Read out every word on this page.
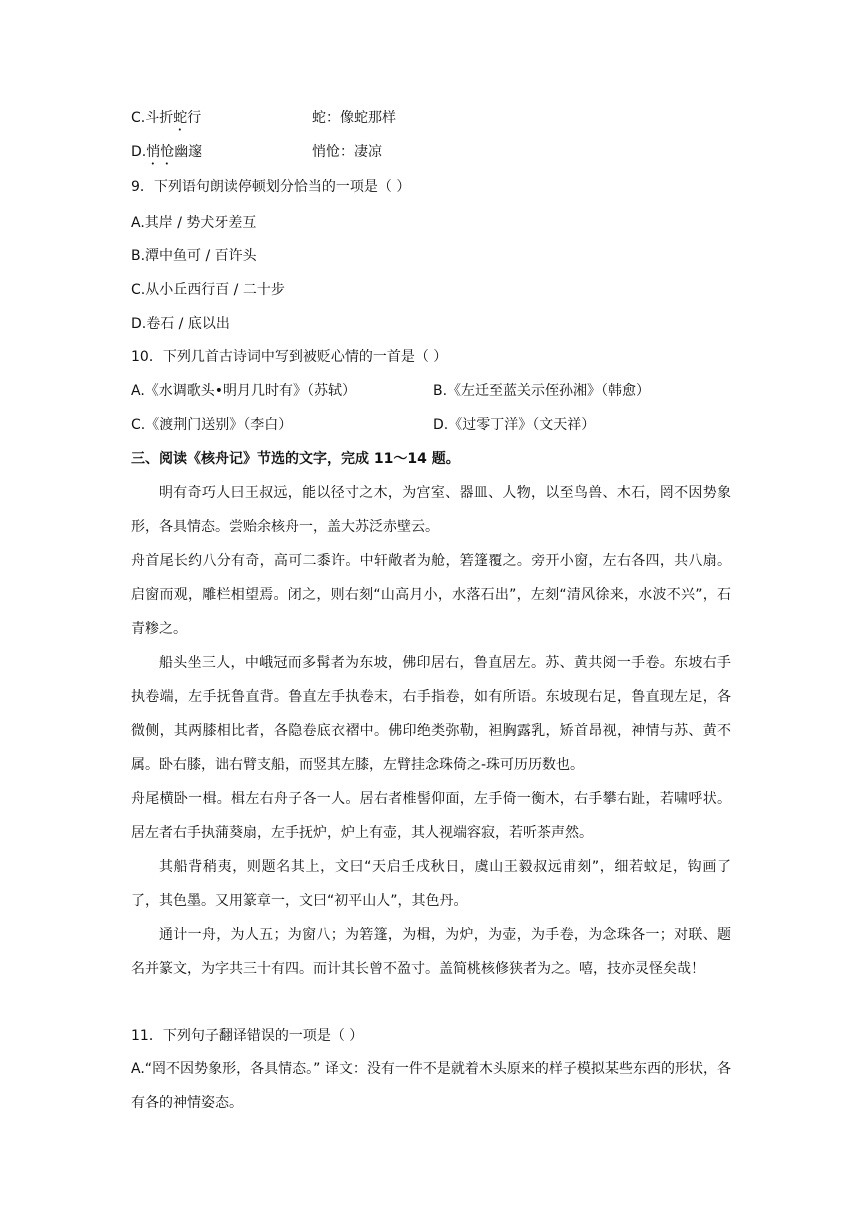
C.斗折蛇行	蛇：像蛇那样
D.悄怆幽邃	悄怆：凄凉
9．下列语句朗读停顿划分恰当的一项是（ ）
A.其岸 / 势犬牙差互
B.潭中鱼可 / 百许头
C.从小丘西行百 / 二十步
D.卷石 / 底以出
10．下列几首古诗词中写到被贬心情的一首是（ ）
A.《水调歌头•明月几时有》（苏轼）	B.《左迁至蓝关示侄孙湘》（韩愈）
C.《渡荆门送别》（李白）	D.《过零丁洋》（文天祥）
三、阅读《核舟记》节选的文字，完成 11～14 题。
明有奇巧人曰王叔远，能以径寸之木，为宫室、器皿、人物，以至鸟兽、木石，罔不因势象形，各具情态。尝贻余核舟一，盖大苏泛赤壁云。
舟首尾长约八分有奇，高可二黍许。中轩敞者为舱，箬篷覆之。旁开小窗，左右各四，共八扇。启窗而观，雕栏相望焉。闭之，则右刻“山高月小，水落石出”，左刻“清风徐来，水波不兴”，石青糁之。
船头坐三人，中峨冠而多髯者为东坡，佛印居右，鲁直居左。苏、黄共阅一手卷。东坡右手执卷端，左手抚鲁直背。鲁直左手执卷末，右手指卷，如有所语。东坡现右足，鲁直现左足，各微侧，其两膝相比者，各隐卷底衣褶中。佛印绝类弥勒，袒胸露乳，矫首昂视，神情与苏、黄不属。卧右膝，诎右臂支船，而竖其左膝，左臂挂念珠倚之-珠可历历数也。
舟尾横卧一楫。楫左右舟子各一人。居右者椎髻仰面，左手倚一衡木，右手攀右趾，若啸呼状。居左者右手执蒲葵扇，左手抚炉，炉上有壶，其人视端容寂，若听茶声然。
其船背稍夷，则题名其上，文曰“天启壬戌秋日，虞山王毅叔远甫刻”，细若蚊足，钩画了了，其色墨。又用篆章一，文曰“初平山人”，其色丹。
通计一舟，为人五；为窗八；为箬篷，为楫，为炉，为壶，为手卷，为念珠各一；对联、题名并篆文，为字共三十有四。而计其长曾不盈寸。盖简桃核修狭者为之。嘻，技亦灵怪矣哉！
11．下列句子翻译错误的一项是（ ）
A.“罔不因势象形，各具情态。” 译文：没有一件不是就着木头原来的样子模拟某些东西的形状，各有各的神情姿态。
